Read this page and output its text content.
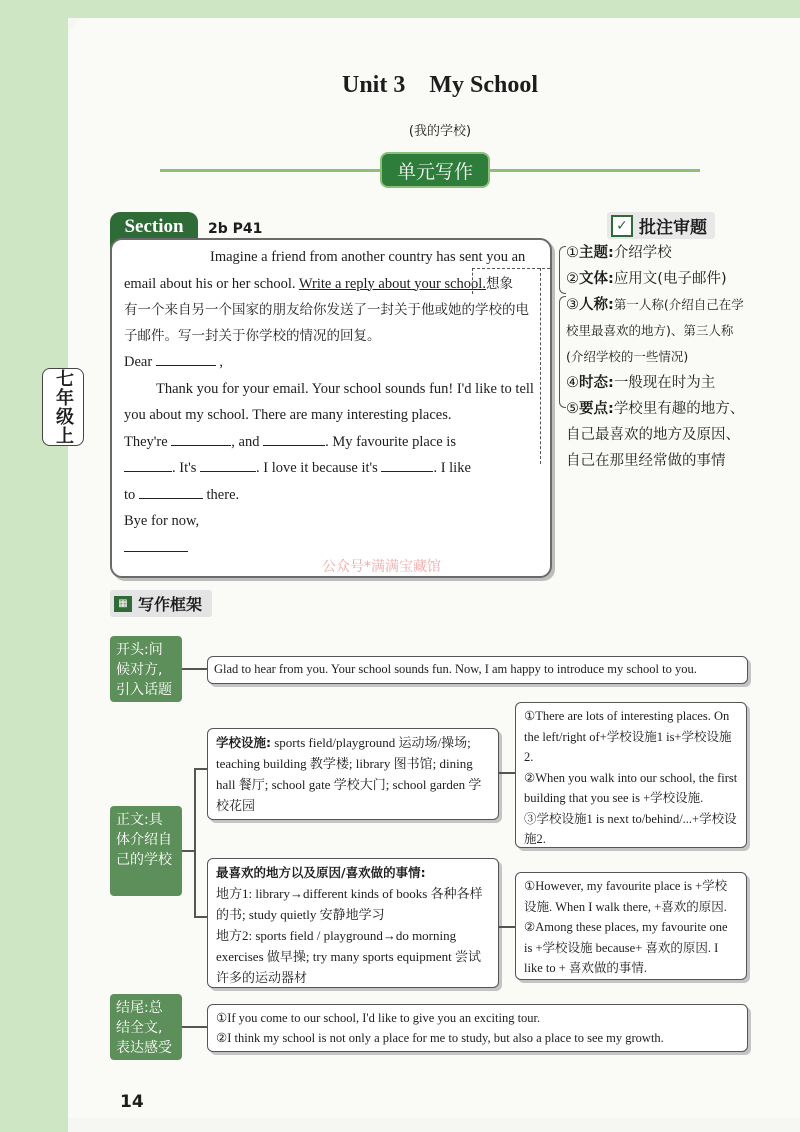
七年级上
Unit 3    My School
(我的学校)
单元写作
Section	2b P41
Imagine a friend from another country has sent you an
email about his or her school. Write a reply about your school.想象
有一个来自另一个国家的朋友给你发送了一封关于他或她的学校的电子邮件。写一封关于你学校的情况的回复。
Dear	,
Thank you for your email. Your school sounds fun! I'd like to tell you about my school. There are many interesting places.
They're	, and	. My favourite place is
. It's	. I love it because it's	. I like
to	there.
Bye for now,
公众号*满满宝藏馆
✓ 批注审题

①主题:介绍学校

②文体:应用文(电子邮件)

③人称:第一人称(介绍自己在学校里最喜欢的地方)、第三人称(介绍学校的一些情况)

④时态:一般现在时为主

⑤要点:学校里有趣的地方、自己最喜欢的地方及原因、自己在那里经常做的事情

▦ 写作框架
开头:问候对方,引入话题
Glad to hear from you. Your school sounds fun. Now, I am happy to introduce my school to you.
正文:具体介绍自己的学校
学校设施: sports field/playground 运动场/操场; teaching building 教学楼; library 图书馆; dining hall 餐厅; school gate 学校大门; school garden 学校花园
①There are lots of interesting places. On the left/right of+学校设施1 is+学校设施2.
②When you walk into our school, the first building that you see is +学校设施.
③学校设施1 is next to/behind/...+学校设施2.
最喜欢的地方以及原因/喜欢做的事情:
地方1: library→different kinds of books 各种各样的书; study quietly 安静地学习
地方2: sports field / playground→do morning exercises 做早操; try many sports equipment 尝试许多的运动器材
①However, my favourite place is +学校设施. When I walk there, +喜欢的原因.
②Among these places, my favourite one is +学校设施 because+ 喜欢的原因. I like to + 喜欢做的事情.
结尾:总结全文,表达感受
①If you come to our school, I'd like to give you an exciting tour.
②I think my school is not only a place for me to study, but also a place to see my growth.
14
